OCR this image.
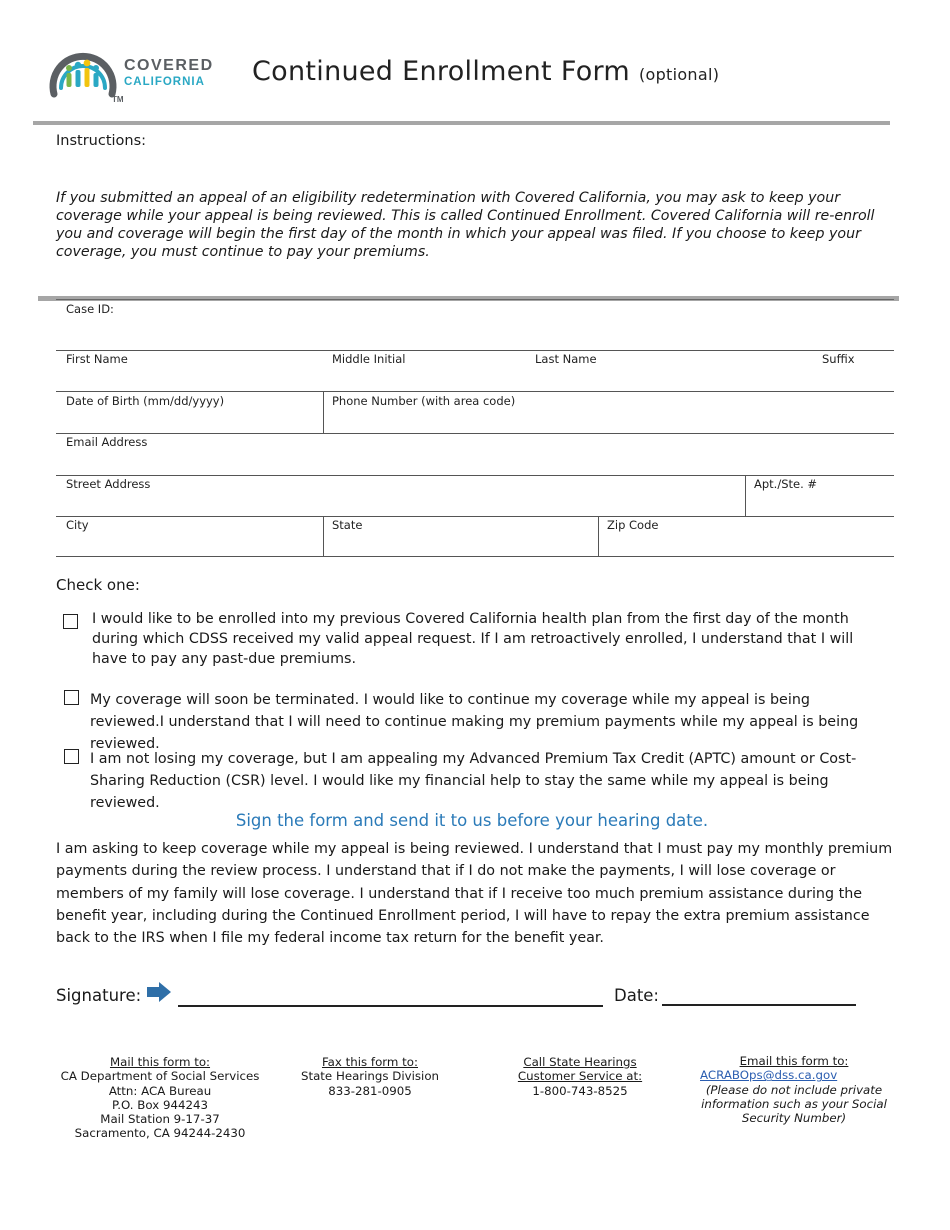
COVERED
CALIFORNIA
TM
Continued Enrollment Form (optional)
Instructions:
If you submitted an appeal of an eligibility redetermination with Covered California, you may ask to keep your coverage while your appeal is being reviewed. This is called Continued Enrollment. Covered California will re-enroll you and coverage will begin the first day of the month in which your appeal was filed. If you choose to keep your coverage, you must continue to pay your premiums.
Case ID:
First Name	Middle Initial	Last Name	Suffix
Date of Birth (mm/dd/yyyy)	Phone Number (with area code)
Email Address
Street Address	Apt./Ste. #
City	State	Zip Code
Check one:
I would like to be enrolled into my previous Covered California health plan from the first day of the month during which CDSS received my valid appeal request. If I am retroactively enrolled, I understand that I will have to pay any past-due premiums.
My coverage will soon be terminated. I would like to continue my coverage while my appeal is being reviewed.I understand that I will need to continue making my premium payments while my appeal is being reviewed.
I am not losing my coverage, but I am appealing my Advanced Premium Tax Credit (APTC) amount or Cost-Sharing Reduction (CSR) level. I would like my financial help to stay the same while my appeal is being reviewed.
Sign the form and send it to us before your hearing date.
I am asking to keep coverage while my appeal is being reviewed. I understand that I must pay my monthly premium payments during the review process. I understand that if I do not make the payments, I will lose coverage or members of my family will lose coverage. I understand that if I receive too much premium assistance during the benefit year, including during the Continued Enrollment period, I will have to repay the extra premium assistance back to the IRS when I file my federal income tax return for the benefit year.
Signature:	Date:
Mail this form to:
CA Department of Social Services
Attn: ACA Bureau
P.O. Box 944243
Mail Station 9-17-37
Sacramento, CA 94244-2430
Fax this form to:
State Hearings Division
833-281-0905
Call State Hearings
Customer Service at:
1-800-743-8525
Email this form to:
ACRABOps@dss.ca.gov
(Please do not include private information such as your Social Security Number)
